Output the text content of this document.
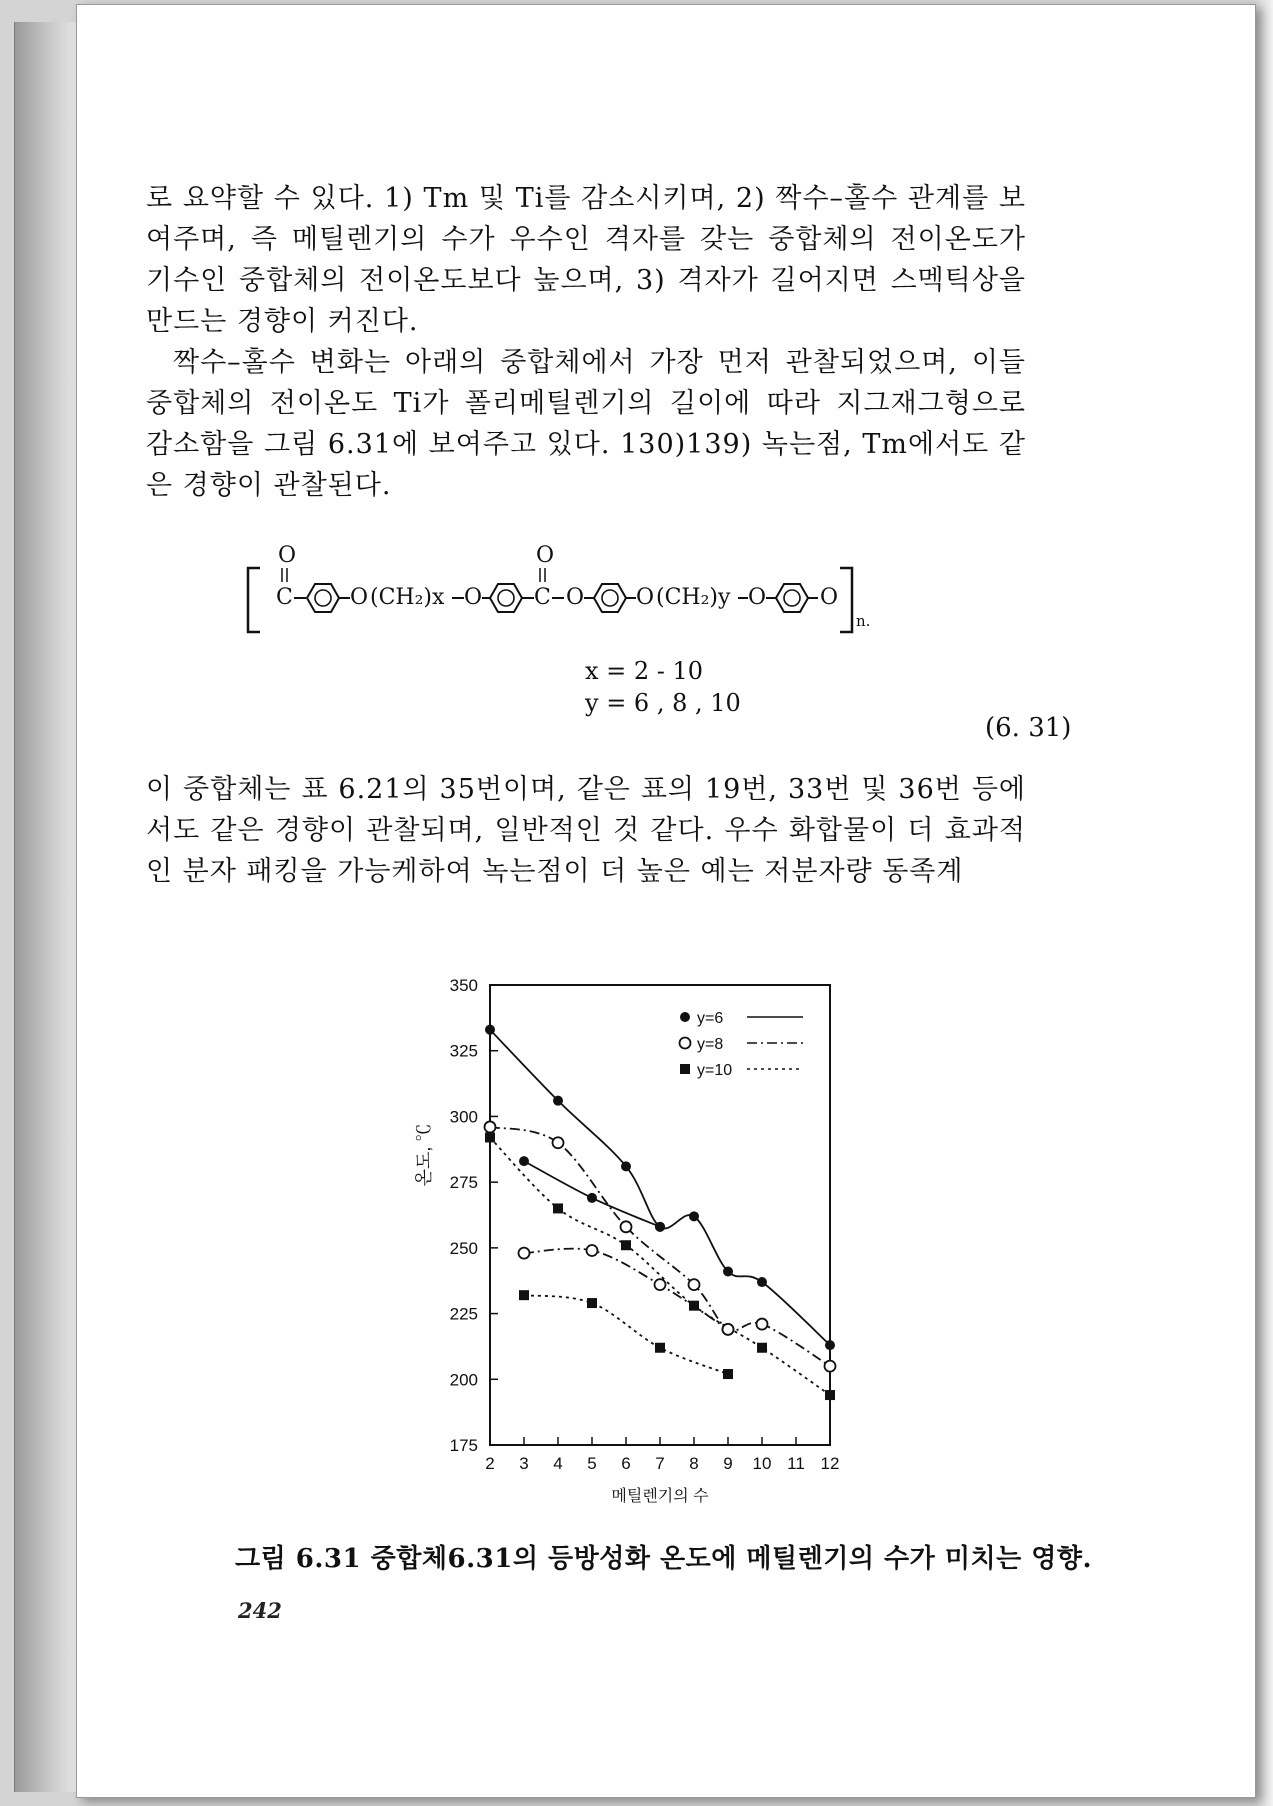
로 요약할 수 있다. 1) Tm 및 Ti를 감소시키며, 2) 짝수–홀수 관계를 보여주며, 즉 메틸렌기의 수가 우수인 격자를 갖는 중합체의 전이온도가 기수인 중합체의 전이온도보다 높으며, 3) 격자가 길어지면 스멕틱상을 만드는 경향이 커진다.

짝수–홀수 변화는 아래의 중합체에서 가장 먼저 관찰되었으며, 이들 중합체의 전이온도 Ti가 폴리메틸렌기의 길이에 따라 지그재그형으로 감소함을 그림 6.31에 보여주고 있다. 130)139) 녹는점, Tm에서도 같은 경향이 관찰된다.

O
C	O (CH₂)x O
O
C O O (CH₂)y O O
n.
x = 2 - 10
y = 6 , 8 , 10
(6. 31)

이 중합체는 표 6.21의 35번이며, 같은 표의 19번, 33번 및 36번 등에서도 같은 경향이 관찰되며, 일반적인 것 같다. 우수 화합물이 더 효과적인 분자 패킹을 가능케하여 녹는점이 더 높은 예는 저분자량 동족계

175
200
225
250
275
300
325
350
2 3 4 5 6 7 8 9 10 11 12
메틸렌기의 수
온도, ℃
y=6
y=8
y=10
그림 6.31 중합체6.31의 등방성화 온도에 메틸렌기의 수가 미치는 영향.
242
